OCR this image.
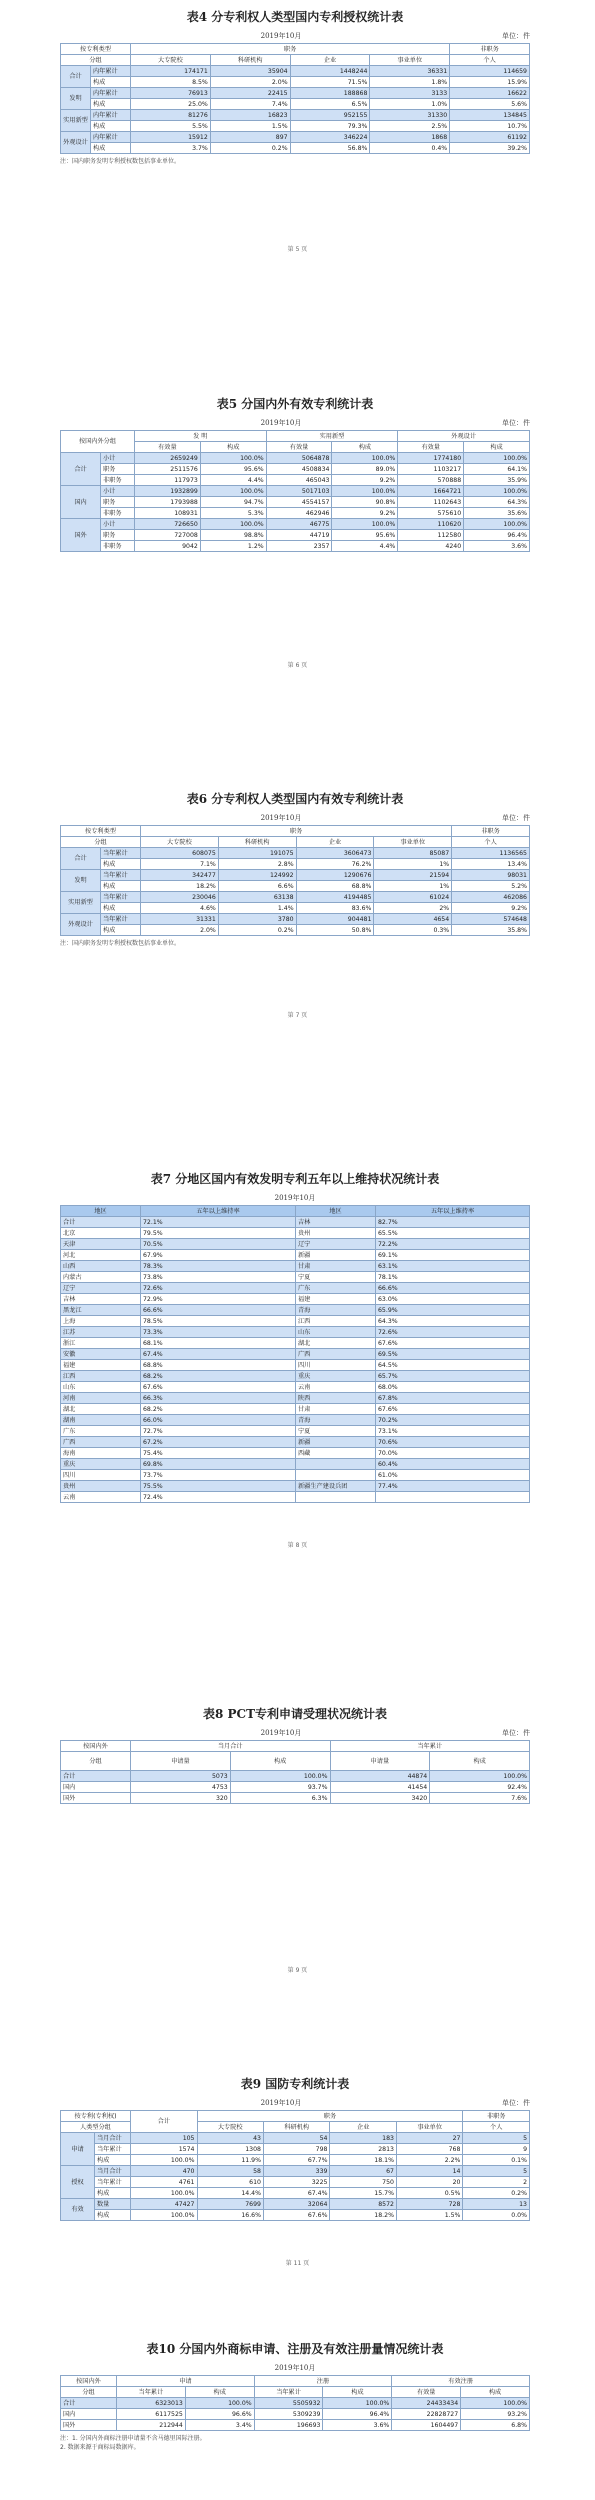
表4 分专利权人类型国内专利授权统计表
2019年10月	单位：件
按专利类型		职务				非职务
分组		大专院校	科研机构	企业	事业单位	个人
合计	内年累计	174171	35904	1448244	36331	114659
	构成	8.5%	2.0%	71.5%	1.8%	15.9%
发明	内年累计	76913	22415	188868	3133	16622
	构成	25.0%	7.4%	6.5%	1.0%	5.6%
实用新型	内年累计	81276	16823	952155	31330	134845
	构成	5.5%	1.5%	79.3%	2.5%	10.7%
外观设计	内年累计	15912	897	346224	1868	61192
	构成	3.7%	0.2%	56.8%	0.4%	39.2%
注：国内职务发明专利授权数包括事业单位。
第 5 页
表5 分国内外有效专利统计表
2019年10月	单位：件
按国内外分组		发 明		实用新型		外观设计	
		有效量	构成	有效量	构成	有效量	构成
合计	小计	2659249	100.0%	5064878	100.0%	1774180	100.0%
	职务	2511576	95.6%	4508834	89.0%	1103217	64.1%
	非职务	117973	4.4%	465043	9.2%	570888	35.9%
国内	小计	1932899	100.0%	5017103	100.0%	1664721	100.0%
	职务	1793988	94.7%	4554157	90.8%	1102643	64.3%
	非职务	108931	5.3%	462946	9.2%	575610	35.6%
国外	小计	726650	100.0%	46775	100.0%	110620	100.0%
	职务	727008	98.8%	44719	95.6%	112580	96.4%
	非职务	9042	1.2%	2357	4.4%	4240	3.6%
第 6 页
表6 分专利权人类型国内有效专利统计表
2019年10月	单位：件
按专利类型		职务				非职务
分组		大专院校	科研机构	企业	事业单位	个人
合计	当年累计	608075	191075	3606473	85087	1136565
	构成	7.1%	2.8%	76.2%	1%	13.4%
发明	当年累计	342477	124992	1290676	21594	98031
	构成	18.2%	6.6%	68.8%	1%	5.2%
实用新型	当年累计	230046	63138	4194485	61024	462086
	构成	4.6%	1.4%	83.6%	2%	9.2%
外观设计	当年累计	31331	3780	904481	4654	574648
	构成	2.0%	0.2%	50.8%	0.3%	35.8%
注：国内职务发明专利授权数包括事业单位。
第 7 页
表7 分地区国内有效发明专利五年以上维持状况统计表
2019年10月
地区	五年以上维持率	地区	五年以上维持率
合计	72.1%	吉林	82.7%
北京	79.5%	贵州	65.5%
天津	70.5%	辽宁	72.2%
河北	67.9%	新疆	69.1%
山西	78.3%	甘肃	63.1%
内蒙古	73.8%	宁夏	78.1%
辽宁	72.6%	广东	66.6%
吉林	72.9%	福建	63.0%
黑龙江	66.6%	青海	65.9%
上海	78.5%	江西	64.3%
江苏	73.3%	山东	72.6%
浙江	68.1%	湖北	67.6%
安徽	67.4%	广西	69.5%
福建	68.8%	四川	64.5%
江西	68.2%	重庆	65.7%
山东	67.6%	云南	68.0%
河南	66.3%	陕西	67.8%
湖北	68.2%	甘肃	67.6%
湖南	66.0%	青海	70.2%
广东	72.7%	宁夏	73.1%
广西	67.2%	新疆	70.6%
海南	75.4%	西藏	70.0%
重庆	69.8%		60.4%
四川	73.7%		61.0%
贵州	75.5%	新疆生产建设兵团	77.4%
云南	72.4%		
第 8 页
表8 PCT专利申请受理状况统计表
2019年10月	单位：件
按国内外	当月合计		当年累计	
分组	申请量	构成	申请量	构成
合计	5073	100.0%	44874	100.0%
国内	4753	93.7%	41454	92.4%
国外	320	6.3%	3420	7.6%
第 9 页
表9 国防专利统计表
2019年10月	单位：件
按专利(专利权)		合计	职务				非职务
人类型分组			大专院校	科研机构	企业	事业单位	个人
申请	当月合计	105	43	54	183	27	5
	当年累计	1574	1308	798	2813	768	9
	构成	100.0%	11.9%	67.7%	18.1%	2.2%	0.1%
授权	当月合计	470	58	339	67	14	5
	当年累计	4761	610	3225	750	20	2
	构成	100.0%	14.4%	67.4%	15.7%	0.5%	0.2%
有效	数量	47427	7699	32064	8572	728	13
	构成	100.0%	16.6%	67.6%	18.2%	1.5%	0.0%
第 11 页
表10 分国内外商标申请、注册及有效注册量情况统计表
2019年10月
按国内外	申请		注册		有效注册	
分组	当年累计	构成	当年累计	构成	有效量	构成
合计	6323013	100.0%	5505932	100.0%	24433434	100.0%
国内	6117525	96.6%	5309239	96.4%	22828727	93.2%
国外	212944	3.4%	196693	3.6%	1604497	6.8%
注：1. 分国内外商标注册申请量不含马德里国际注册。
2. 数据来源于商标局数据库。
